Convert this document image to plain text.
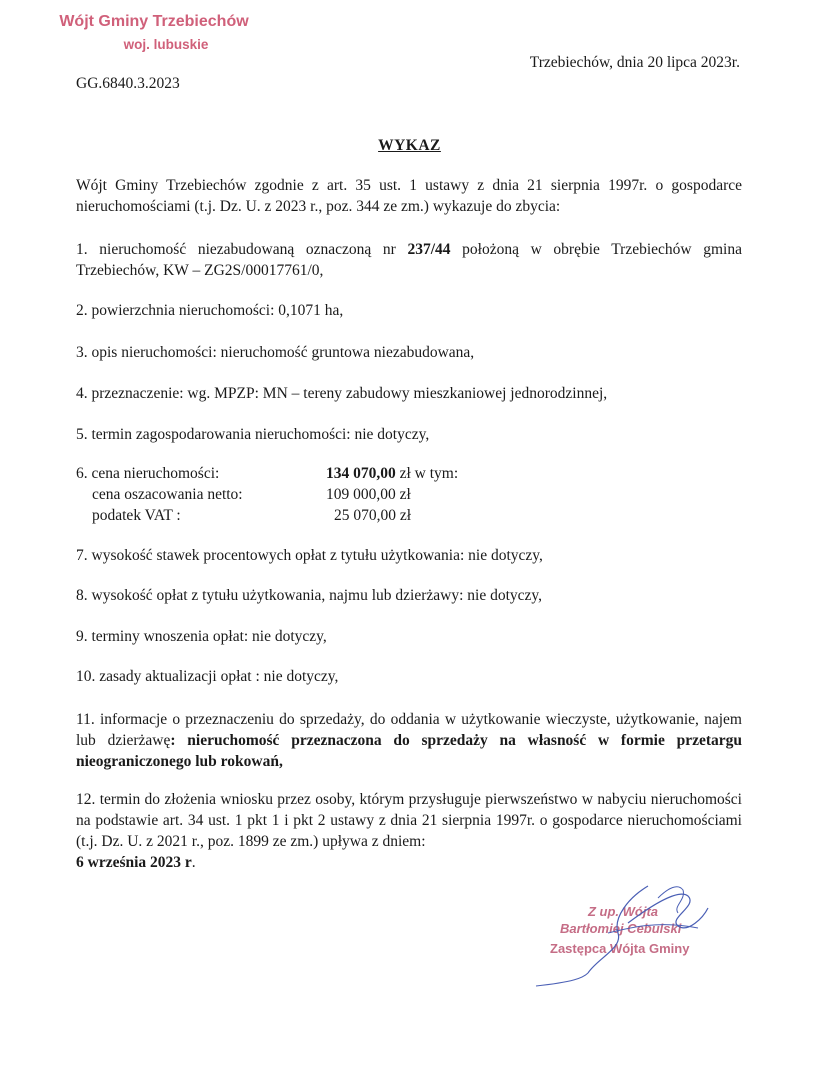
Wójt Gminy Trzebiechów
woj. lubuskie
GG.6840.3.2023
Trzebiechów, dnia 20 lipca 2023r.
WYKAZ
Wójt Gminy Trzebiechów zgodnie z art. 35 ust. 1 ustawy z dnia 21 sierpnia 1997r. o gospodarce nieruchomościami (t.j. Dz. U. z 2023 r., poz. 344 ze zm.) wykazuje do zbycia:
1. nieruchomość niezabudowaną oznaczoną nr 237/44 położoną w obrębie Trzebiechów gmina Trzebiechów, KW – ZG2S/00017761/0,
2. powierzchnia nieruchomości: 0,1071 ha,
3. opis nieruchomości: nieruchomość gruntowa niezabudowana,
4. przeznaczenie: wg. MPZP: MN – tereny zabudowy mieszkaniowej jednorodzinnej,
5. termin zagospodarowania nieruchomości: nie dotyczy,
6. cena nieruchomości:	134 070,00 zł w tym:
cena oszacowania netto:	109 000,00 zł
podatek VAT :	25 070,00 zł
7. wysokość stawek procentowych opłat z tytułu użytkowania: nie dotyczy,
8. wysokość opłat z tytułu użytkowania, najmu lub dzierżawy: nie dotyczy,
9. terminy wnoszenia opłat: nie dotyczy,
10. zasady aktualizacji opłat : nie dotyczy,
11. informacje o przeznaczeniu do sprzedaży, do oddania w użytkowanie wieczyste, użytkowanie, najem lub dzierżawę: nieruchomość przeznaczona do sprzedaży na własność w formie przetargu nieograniczonego lub rokowań,
12. termin do złożenia wniosku przez osoby, którym przysługuje pierwszeństwo w nabyciu nieruchomości na podstawie art. 34 ust. 1 pkt 1 i pkt 2 ustawy z dnia 21 sierpnia 1997r. o gospodarce nieruchomościami (t.j. Dz. U. z 2021 r., poz. 1899 ze zm.) upływa z dniem:
6 września 2023 r.
Z up. Wójta
Bartłomiej Cebulski
Zastępca Wójta Gminy
